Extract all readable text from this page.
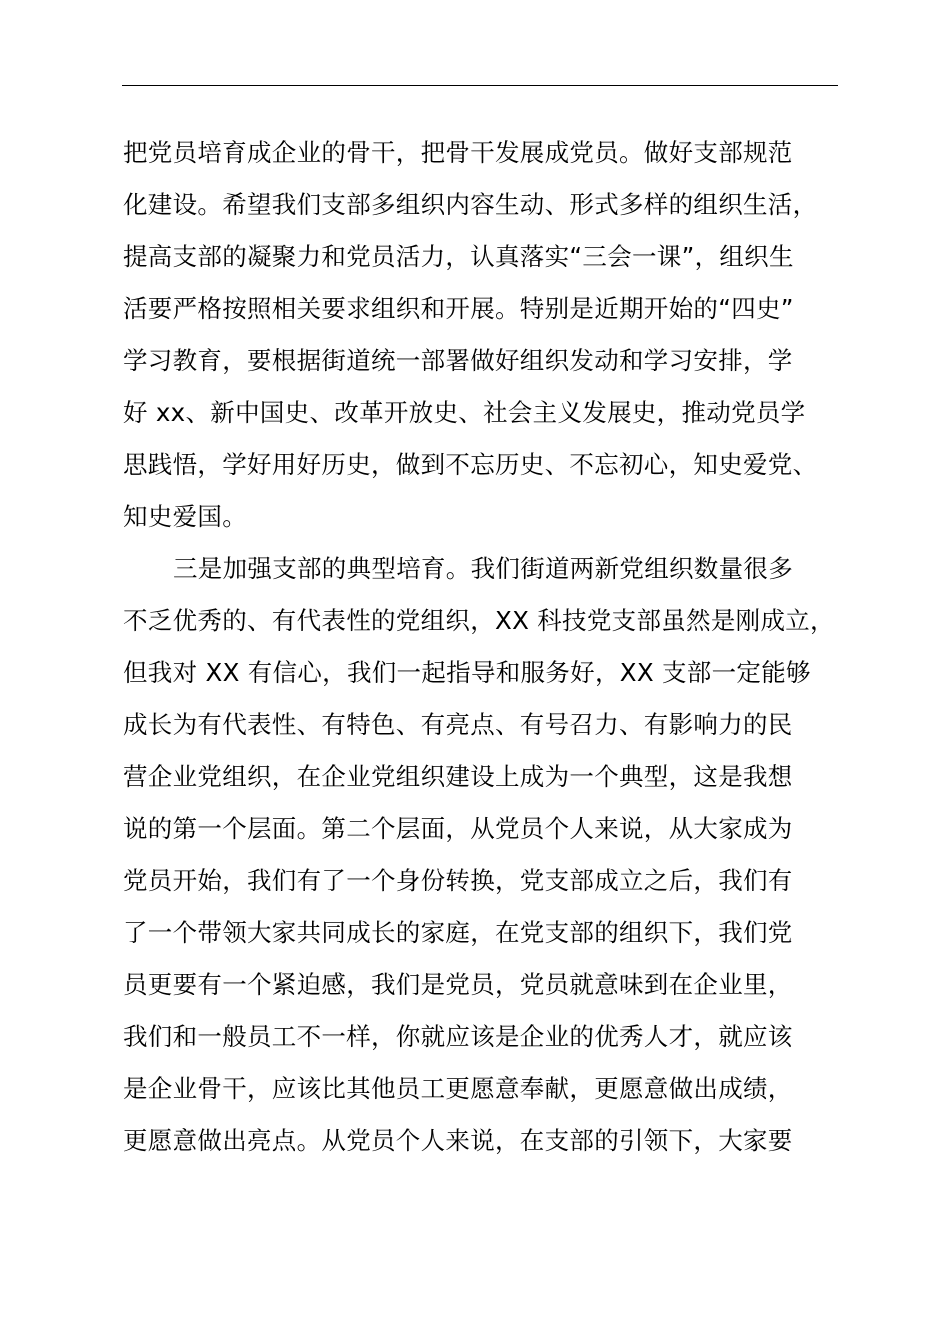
把党员培育成企业的骨干，把骨干发展成党员。做好支部规范
化建设。希望我们支部多组织内容生动、形式多样的组织生活，
提高支部的凝聚力和党员活力，认真落实“三会一课”，组织生
活要严格按照相关要求组织和开展。特别是近期开始的“四史”
学习教育，要根据街道统一部署做好组织发动和学习安排，学
好 xx、新中国史、改革开放史、社会主义发展史，推动党员学
思践悟，学好用好历史，做到不忘历史、不忘初心，知史爱党、
知史爱国。
三是加强支部的典型培育。我们街道两新党组织数量很多
不乏优秀的、有代表性的党组织，XX 科技党支部虽然是刚成立，
但我对 XX 有信心，我们一起指导和服务好，XX 支部一定能够
成长为有代表性、有特色、有亮点、有号召力、有影响力的民
营企业党组织，在企业党组织建设上成为一个典型，这是我想
说的第一个层面。第二个层面，从党员个人来说，从大家成为
党员开始，我们有了一个身份转换，党支部成立之后，我们有
了一个带领大家共同成长的家庭，在党支部的组织下，我们党
员更要有一个紧迫感，我们是党员，党员就意味到在企业里，
我们和一般员工不一样，你就应该是企业的优秀人才，就应该
是企业骨干，应该比其他员工更愿意奉献，更愿意做出成绩，
更愿意做出亮点。从党员个人来说，在支部的引领下，大家要
